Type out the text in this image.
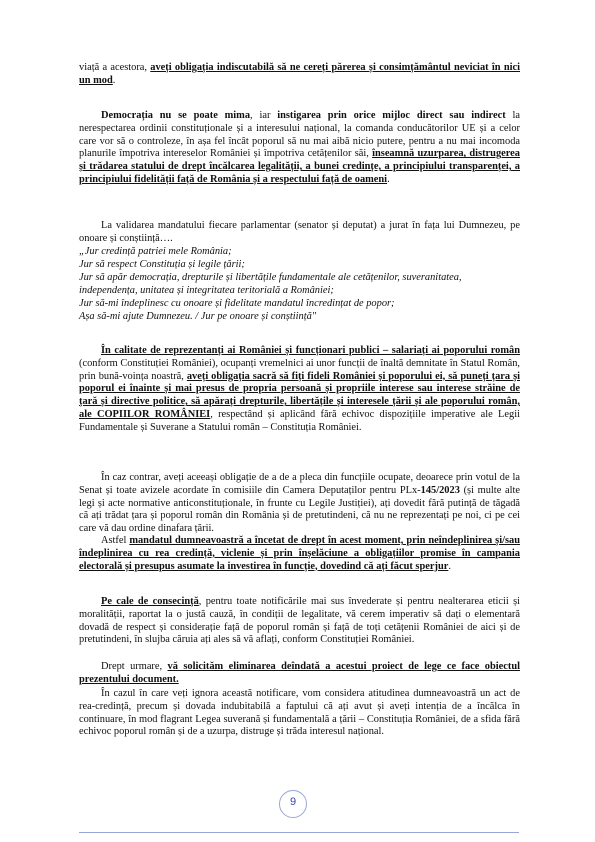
viață a acestora, aveți obligația indiscutabilă să ne cereți părerea și consimțământul neviciat în nici un mod.
Democrația nu se poate mima, iar instigarea prin orice mijloc direct sau indirect la nerespectarea ordinii constituționale și a interesului național, la comanda conducătorilor UE și a celor care vor să o controleze, în așa fel încât poporul să nu mai aibă nicio putere, pentru a nu mai incomoda planurile împotriva intereselor României și împotriva cetățenilor săi, înseamnă uzurparea, distrugerea și trădarea statului de drept încălcarea legalității, a bunei credințe, a principiului transparenței, a principiului fidelității față de România și a respectului față de oameni.
La validarea mandatului fiecare parlamentar (senator și deputat) a jurat în fața lui Dumnezeu, pe onoare și conștiință….
„Jur credință patriei mele România;
Jur să respect Constituția și legile țării;
Jur să apăr democrația, drepturile și libertățile fundamentale ale cetățenilor, suveranitatea, independența, unitatea și integritatea teritorială a României;
Jur să-mi îndeplinesc cu onoare și fidelitate mandatul încredințat de popor;
Așa să-mi ajute Dumnezeu. / Jur pe onoare și conștiință"
În calitate de reprezentanți ai României și funcționari publici – salariați ai poporului român (conform Constituției României), ocupanți vremelnici ai unor funcții de înaltă demnitate în Statul Român, prin bună-voința noastră, aveți obligația sacră să fiți fideli României și poporului ei, să puneți țara și poporul ei înainte și mai presus de propria persoană și propriile interese sau interese străine de țară și directive politice, să apărați drepturile, libertățile și interesele țării și ale poporului român, ale COPIILOR ROMÂNIEI, respectând și aplicând fără echivoc dispozițiile imperative ale Legii Fundamentale și Suverane a Statului român – Constituția României.
În caz contrar, aveți aceeași obligație de a de a pleca din funcțiile ocupate, deoarece prin votul de la Senat și toate avizele acordate în comisiile din Camera Deputaților pentru PLx-145/2023 (și multe alte legi și acte normative anticonstituționale, în frunte cu Legile Justiției), ați dovedit fără putință de tăgadă că ați trădat țara și poporul român din România și de pretutindeni, că nu ne reprezentați pe noi, ci pe cei care vă dau ordine dinafara țării.
Astfel mandatul dumneavoastră a încetat de drept în acest moment, prin neîndeplinirea și/sau îndeplinirea cu rea credință, viclenie și prin înșelăciune a obligațiilor promise în campania electorală și presupus asumate la investirea în funcție, dovedind că ați făcut sperjur.
Pe cale de consecință, pentru toate notificările mai sus învederate și pentru nealterarea eticii și moralității, raportat la o justă cauză, în condiții de legalitate, vă cerem imperativ să dați o elementară dovadă de respect și considerație față de poporul român și față de toți cetățenii României de aici și de pretutindeni, în slujba căruia ați ales să vă aflați, conform Constituției României.
Drept urmare, vă solicităm eliminarea deîndată a acestui proiect de lege ce face obiectul prezentului document.
În cazul în care veți ignora această notificare, vom considera atitudinea dumneavoastră un act de rea-credință, precum și dovada indubitabilă a faptului că ați avut și aveți intenția de a încălca în continuare, în mod flagrant Legea suverană și fundamentală a țării – Constituția României, de a sfida fără echivoc poporul român și de a uzurpa, distruge și trăda interesul național.
9
